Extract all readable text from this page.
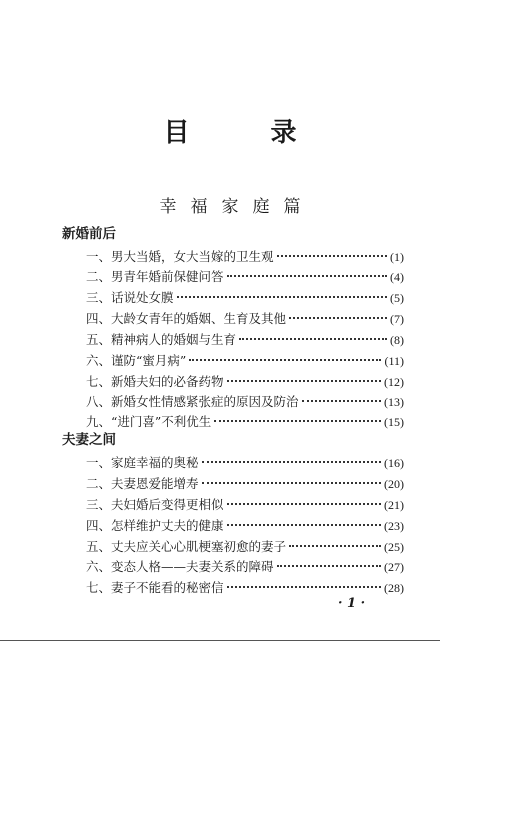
目 录
幸福家庭篇
新婚前后
一、男大当婚，女大当嫁的卫生观	(1)
二、男青年婚前保健问答	(4)
三、话说处女膜	(5)
四、大龄女青年的婚姻、生育及其他	(7)
五、精神病人的婚姻与生育	(8)
六、谨防“蜜月病”	(11)
七、新婚夫妇的必备药物	(12)
八、新婚女性情感紧张症的原因及防治	(13)
九、“进门喜”不利优生	(15)
夫妻之间
一、家庭幸福的奥秘	(16)
二、夫妻恩爱能增寿	(20)
三、夫妇婚后变得更相似	(21)
四、怎样维护丈夫的健康	(23)
五、丈夫应关心心肌梗塞初愈的妻子	(25)
六、变态人格——夫妻关系的障碍	(27)
七、妻子不能看的秘密信	(28)
· 1 ·
